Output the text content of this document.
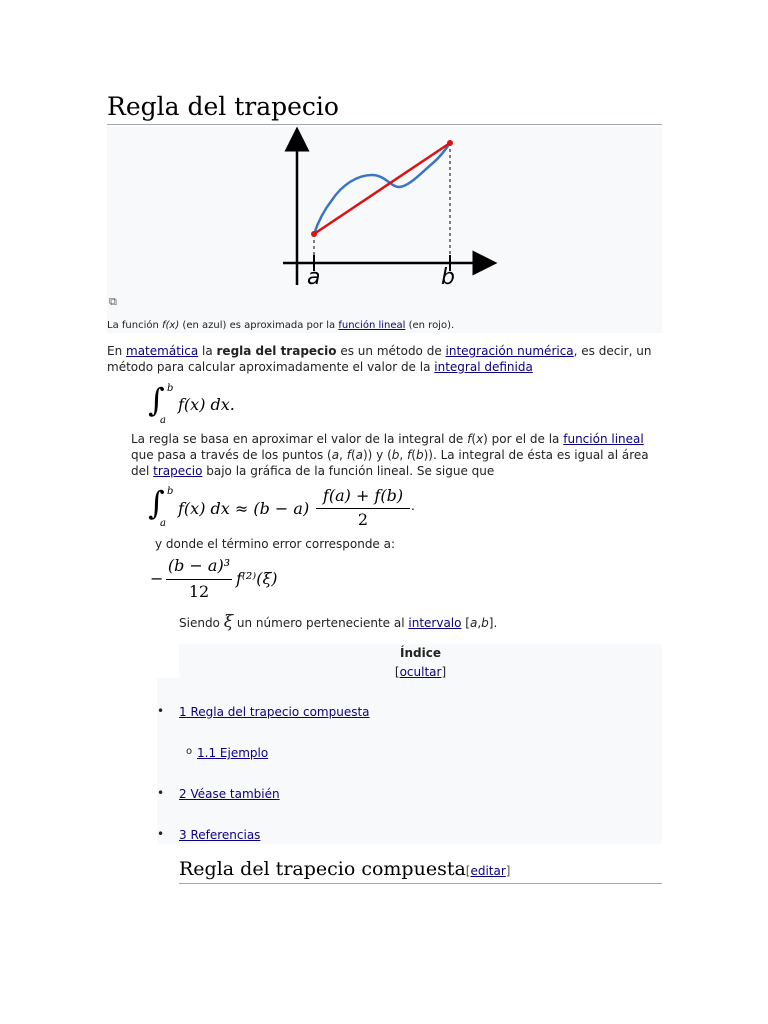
Regla del trapecio
a	b
⧉
La función f(x) (en azul) es aproximada por la función lineal (en rojo).
En matemática la regla del trapecio es un método de integración numérica, es decir, un método para calcular aproximadamente el valor de la integral definida
∫ b
a
f(x) dx.
La regla se basa en aproximar el valor de la integral de f(x) por el de la función lineal que pasa a través de los puntos (a, f(a)) y (b, f(b)). La integral de ésta es igual al área del trapecio bajo la gráfica de la función lineal. Se sigue que
∫ b
a
f(x) dx ≈ (b − a)
f(a) + f(b)
2
.
y donde el término error corresponde a:
−
(b − a)³
12
f⁽²⁾(ξ)
Siendo ξ un número perteneciente al intervalo [a,b].
Índice
[ocultar]
1 Regla del trapecio compuesta
1.1 Ejemplo
2 Véase también
3 Referencias
•
o
•
•
Regla del trapecio compuesta[editar]
